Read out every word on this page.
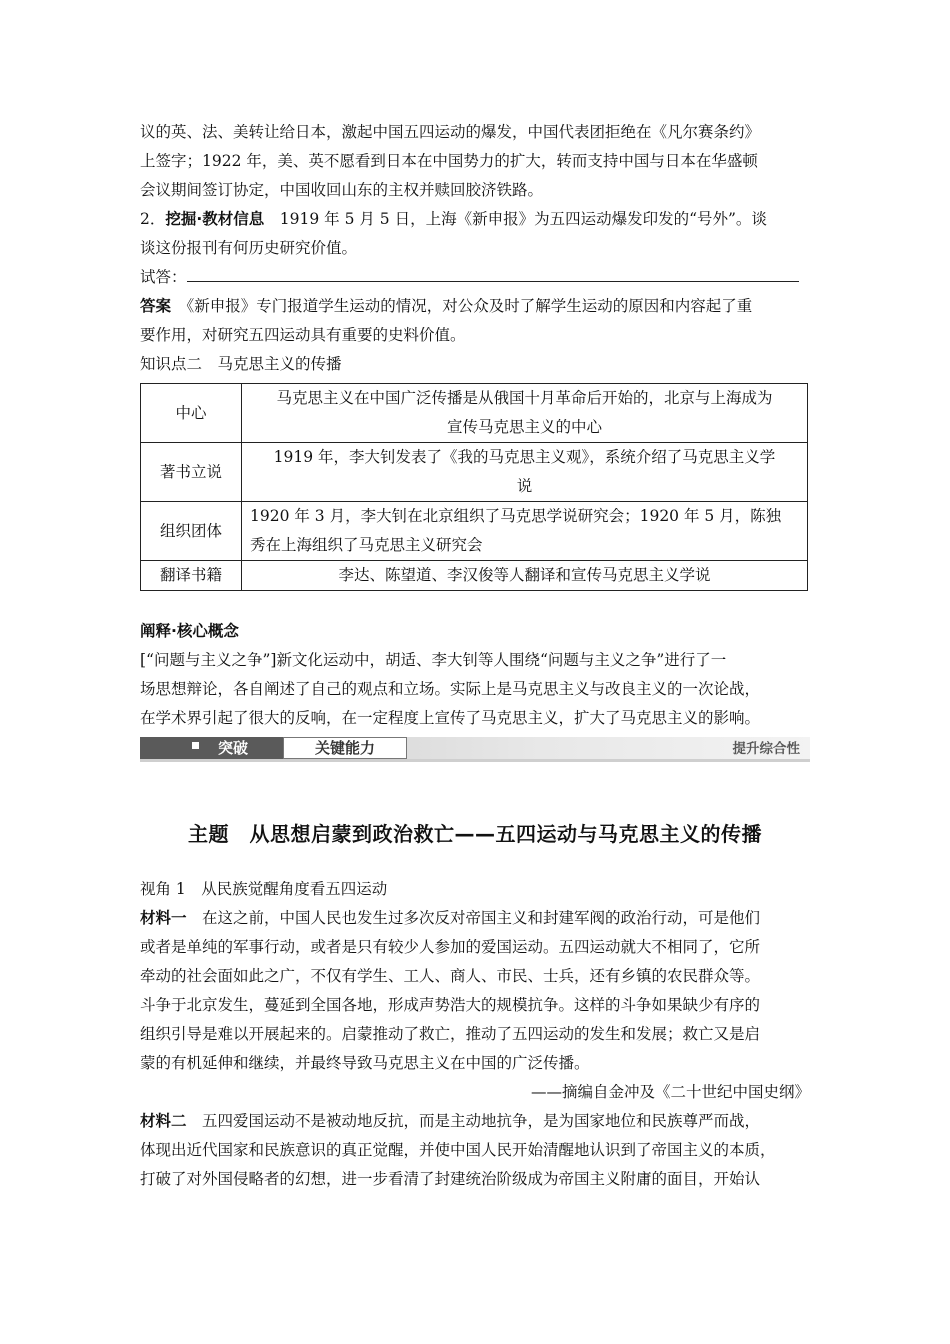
议的英、法、美转让给日本，激起中国五四运动的爆发，中国代表团拒绝在《凡尔赛条约》

上签字；1922 年，美、英不愿看到日本在中国势力的扩大，转而支持中国与日本在华盛顿

会议期间签订协定，中国收回山东的主权并赎回胶济铁路。

2．挖掘·教材信息　1919 年 5 月 5 日，上海《新申报》为五四运动爆发印发的“号外”。谈

谈这份报刊有何历史研究价值。

试答：

答案　《新申报》专门报道学生运动的情况，对公众及时了解学生运动的原因和内容起了重

要作用，对研究五四运动具有重要的史料价值。

知识点二　马克思主义的传播

中心	马克思主义在中国广泛传播是从俄国十月革命后开始的，北京与上海成为
宣传马克思主义的中心

著书立说	1919 年，李大钊发表了《我的马克思主义观》，系统介绍了马克思主义学
说

组织团体	1920 年 3 月，李大钊在北京组织了马克思学说研究会；1920 年 5 月，陈独
秀在上海组织了马克思主义研究会

翻译书籍	李达、陈望道、李汉俊等人翻译和宣传马克思主义学说

阐释·核心概念

[“问题与主义之争”]新文化运动中，胡适、李大钊等人围绕“问题与主义之争”进行了一

场思想辩论，各自阐述了自己的观点和立场。实际上是马克思主义与改良主义的一次论战，

在学术界引起了很大的反响，在一定程度上宣传了马克思主义，扩大了马克思主义的影响。

突破	关键能力	提升综合性
主题　从思想启蒙到政治救亡——五四运动与马克思主义的传播

视角 1　从民族觉醒角度看五四运动

材料一　在这之前，中国人民也发生过多次反对帝国主义和封建军阀的政治行动，可是他们

或者是单纯的军事行动，或者是只有较少人参加的爱国运动。五四运动就大不相同了，它所

牵动的社会面如此之广，不仅有学生、工人、商人、市民、士兵，还有乡镇的农民群众等。

斗争于北京发生，蔓延到全国各地，形成声势浩大的规模抗争。这样的斗争如果缺少有序的

组织引导是难以开展起来的。启蒙推动了救亡，推动了五四运动的发生和发展；救亡又是启

蒙的有机延伸和继续，并最终导致马克思主义在中国的广泛传播。

——摘编自金冲及《二十世纪中国史纲》

材料二　五四爱国运动不是被动地反抗，而是主动地抗争，是为国家地位和民族尊严而战，

体现出近代国家和民族意识的真正觉醒，并使中国人民开始清醒地认识到了帝国主义的本质，

打破了对外国侵略者的幻想，进一步看清了封建统治阶级成为帝国主义附庸的面目，开始认
